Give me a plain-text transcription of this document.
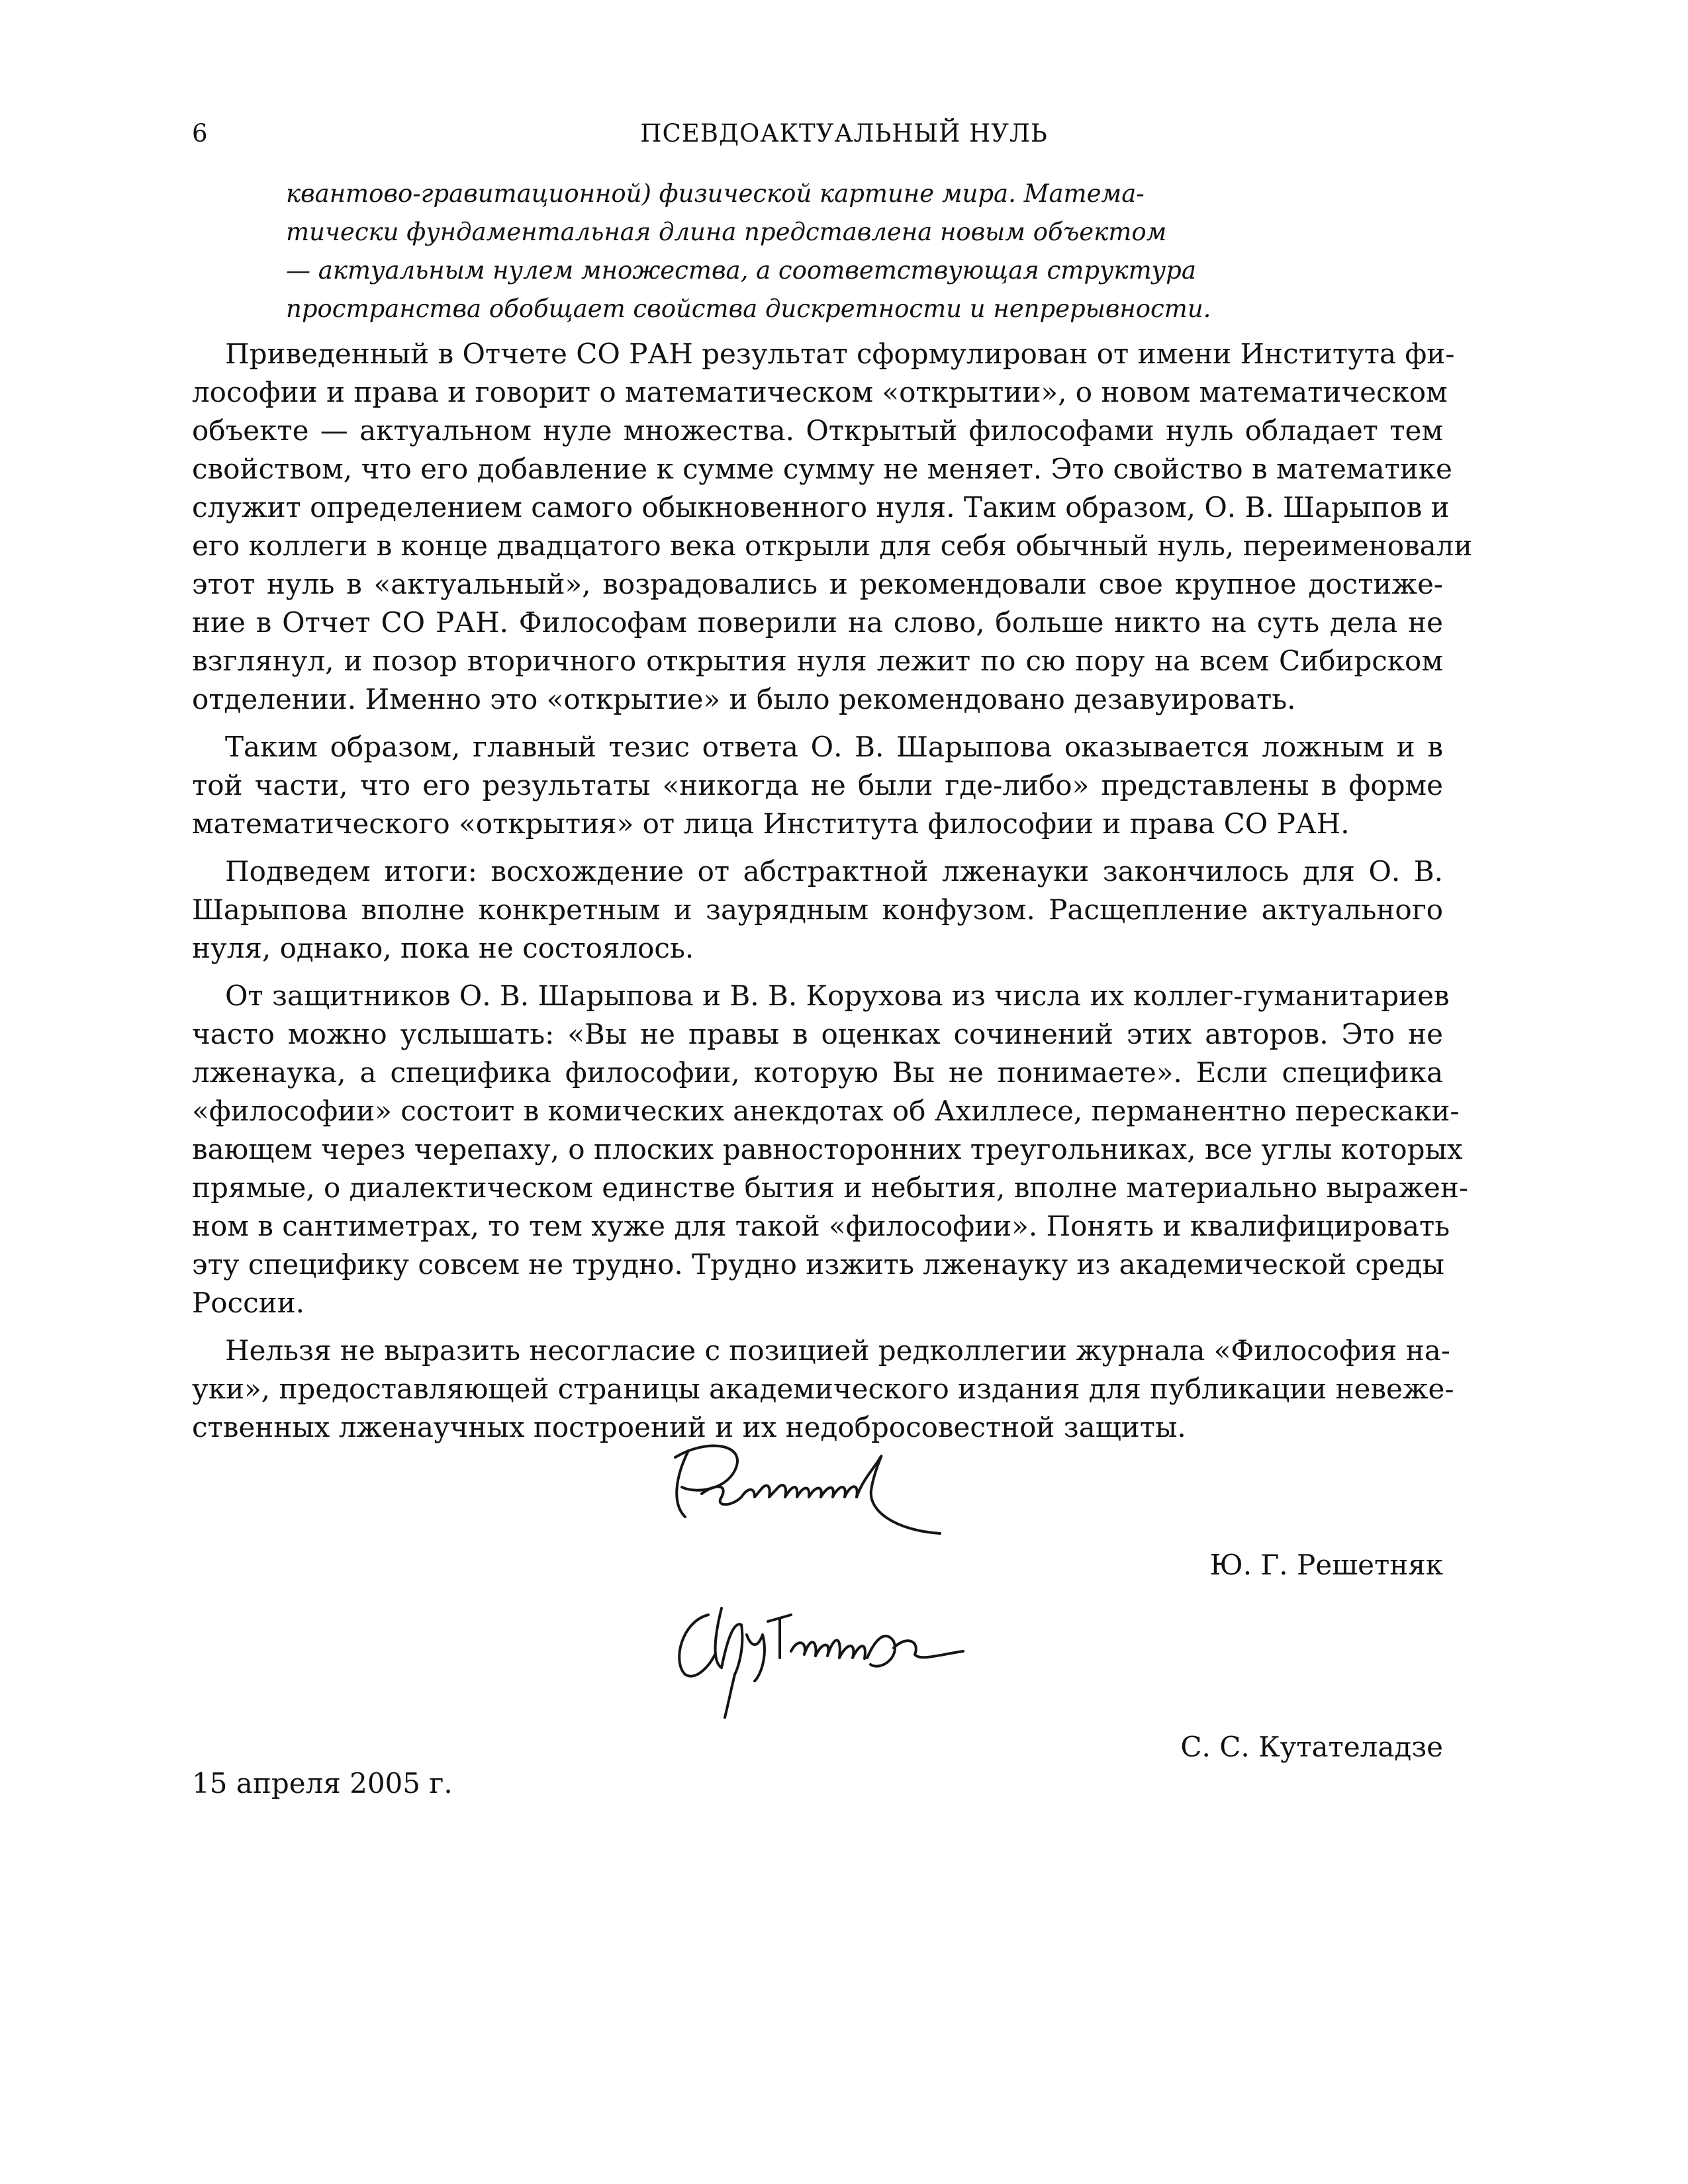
6	ПСЕВДОАКТУАЛЬНЫЙ НУЛЬ
квантово-гравитационной) физической картине мира. Матема-
тически фундаментальная длина представлена новым объектом
— актуальным нулем множества, а соответствующая структура
пространства обобщает свойства дискретности и непрерывности.
Приведенный в Отчете СО РАН результат сформулирован от имени Института фи-
лософии и права и говорит о математическом «открытии», о новом математическом
объекте — актуальном нуле множества. Открытый философами нуль обладает тем
свойством, что его добавление к сумме сумму не меняет. Это свойство в математике
служит определением самого обыкновенного нуля. Таким образом, О. В. Шарыпов и
его коллеги в конце двадцатого века открыли для себя обычный нуль, переименовали
этот нуль в «актуальный», возрадовались и рекомендовали свое крупное достиже-
ние в Отчет СО РАН. Философам поверили на слово, больше никто на суть дела не
взглянул, и позор вторичного открытия нуля лежит по сю пору на всем Сибирском
отделении. Именно это «открытие» и было рекомендовано дезавуировать.
Таким образом, главный тезис ответа О. В. Шарыпова оказывается ложным и в
той части, что его результаты «никогда не были где-либо» представлены в форме
математического «открытия» от лица Института философии и права СО РАН.
Подведем итоги: восхождение от абстрактной лженауки закончилось для О. В.
Шарыпова вполне конкретным и заурядным конфузом. Расщепление актуального
нуля, однако, пока не состоялось.
От защитников О. В. Шарыпова и В. В. Корухова из числа их коллег-гуманитариев
часто можно услышать: «Вы не правы в оценках сочинений этих авторов. Это не
лженаука, а специфика философии, которую Вы не понимаете». Если специфика
«философии» состоит в комических анекдотах об Ахиллесе, перманентно перескаки-
вающем через черепаху, о плоских равносторонних треугольниках, все углы которых
прямые, о диалектическом единстве бытия и небытия, вполне материально выражен-
ном в сантиметрах, то тем хуже для такой «философии». Понять и квалифицировать
эту специфику совсем не трудно. Трудно изжить лженауку из академической среды
России.
Нельзя не выразить несогласие с позицией редколлегии журнала «Философия на-
уки», предоставляющей страницы академического издания для публикации невеже-
ственных лженаучных построений и их недобросовестной защиты.
Ю. Г. Решетняк
С. С. Кутателадзе
15 апреля 2005 г.
